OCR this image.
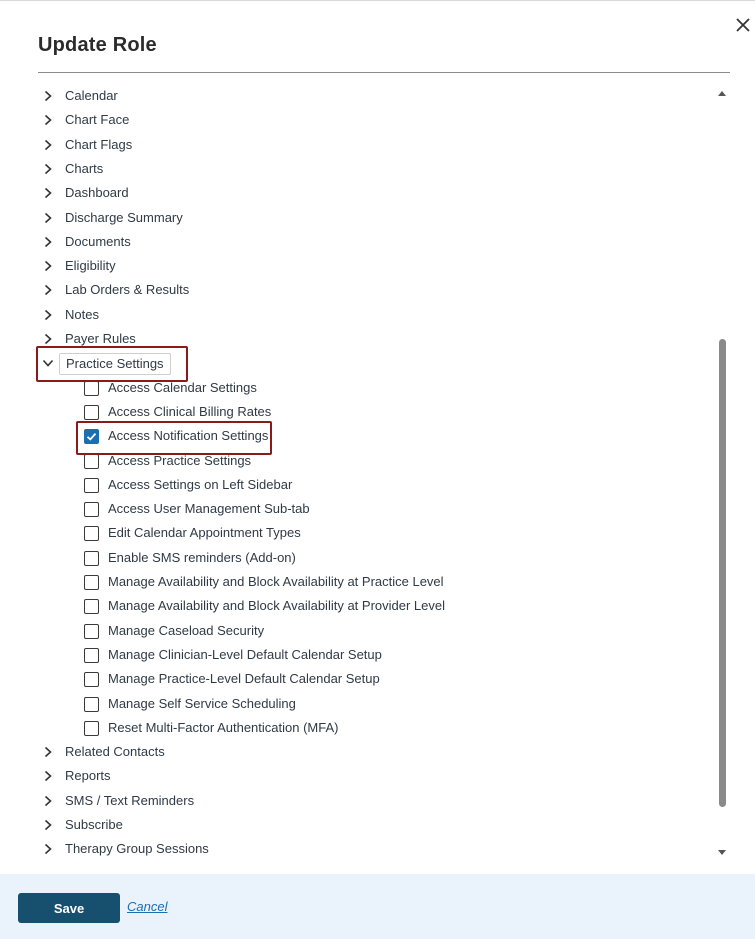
Update Role
Calendar
Chart Face
Chart Flags
Charts
Dashboard
Discharge Summary
Documents
Eligibility
Lab Orders & Results
Notes
Payer Rules
Practice Settings
Access Calendar Settings
Access Clinical Billing Rates
Access Notification Settings
Access Practice Settings
Access Settings on Left Sidebar
Access User Management Sub-tab
Edit Calendar Appointment Types
Enable SMS reminders (Add-on)
Manage Availability and Block Availability at Practice Level
Manage Availability and Block Availability at Provider Level
Manage Caseload Security
Manage Clinician-Level Default Calendar Setup
Manage Practice-Level Default Calendar Setup
Manage Self Service Scheduling
Reset Multi-Factor Authentication (MFA)
Related Contacts
Reports
SMS / Text Reminders
Subscribe
Therapy Group Sessions
Save	Cancel
